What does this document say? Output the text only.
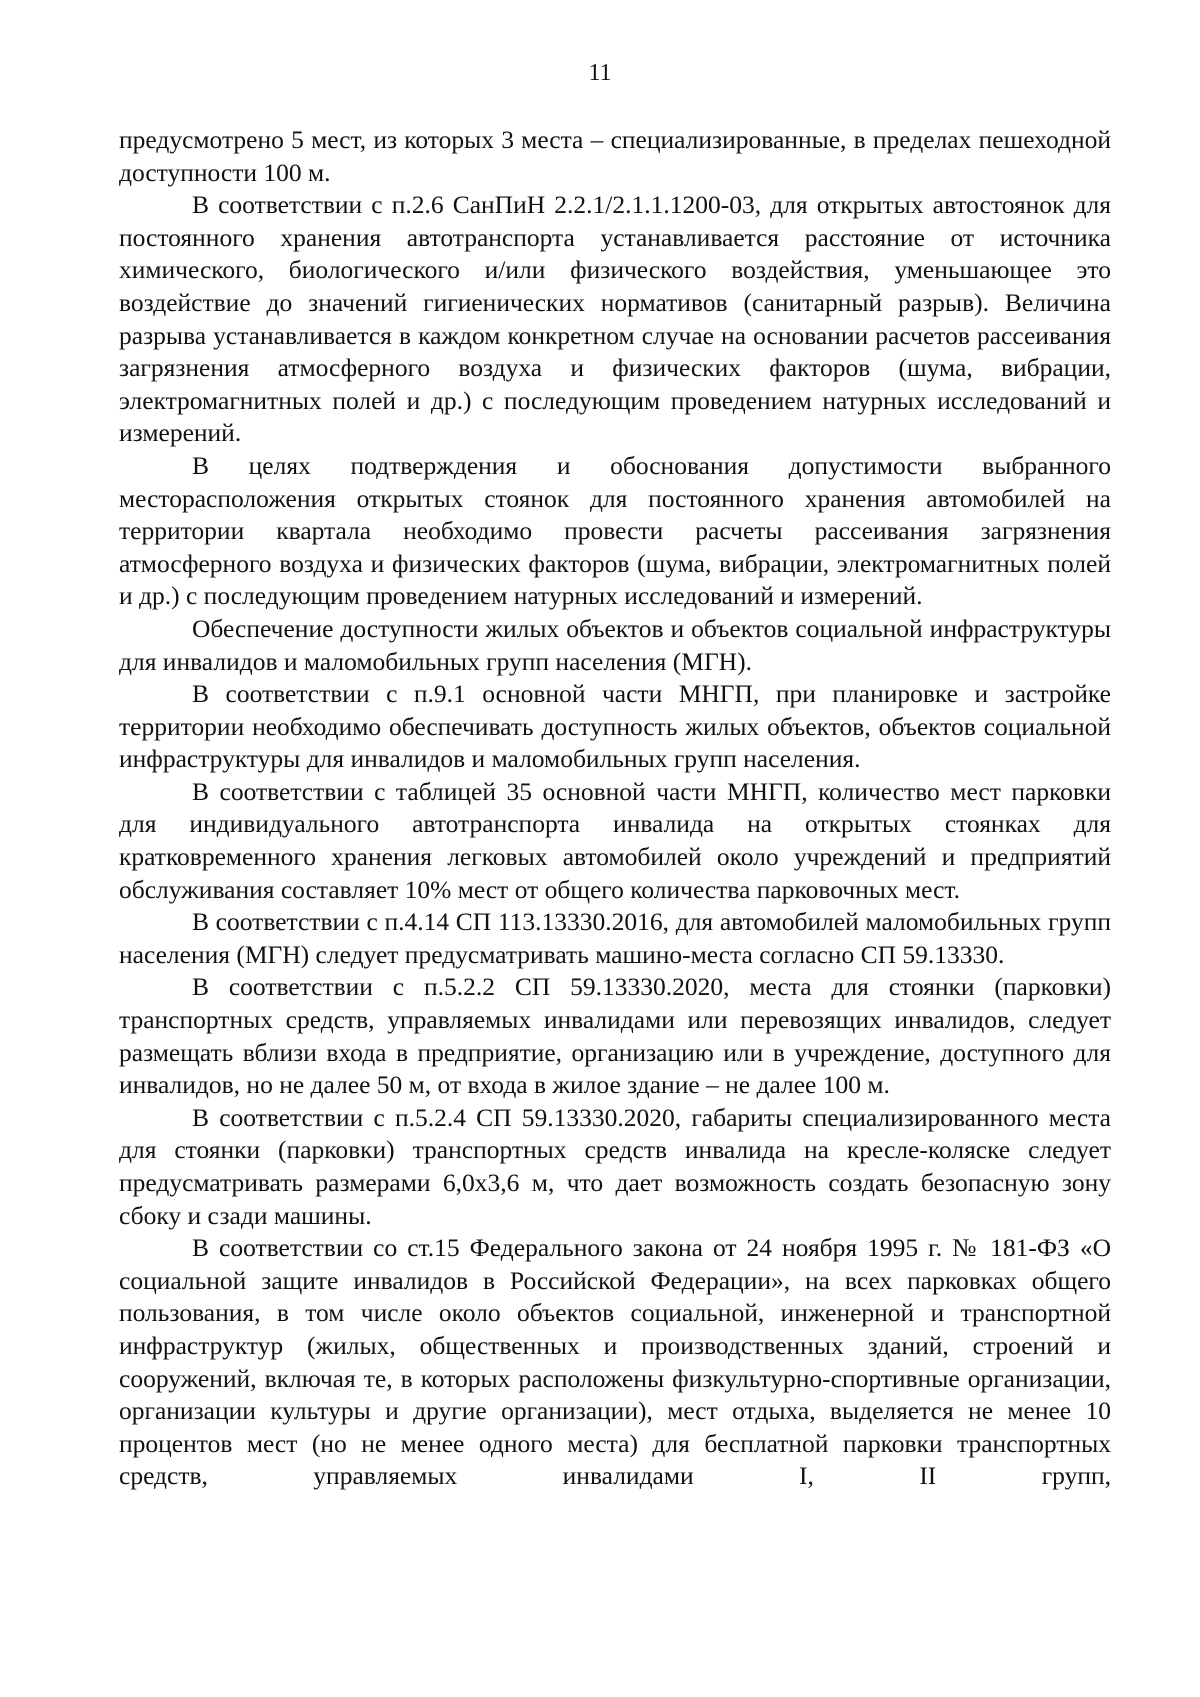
11

предусмотрено 5 мест, из которых 3 места – специализированные, в пределах пешеходной доступности 100 м.

В соответствии с п.2.6 СанПиН 2.2.1/2.1.1.1200-03, для открытых автостоянок для постоянного хранения автотранспорта устанавливается расстояние от источника химического, биологического и/или физического воздействия, уменьшающее это воздействие до значений гигиенических нормативов (санитарный разрыв). Величина разрыва устанавливается в каждом конкретном случае на основании расчетов рассеивания загрязнения атмосферного воздуха и физических факторов (шума, вибрации, электромагнитных полей и др.) с последующим проведением натурных исследований и измерений.

В целях подтверждения и обоснования допустимости выбранного месторасположения открытых стоянок для постоянного хранения автомобилей на территории квартала необходимо провести расчеты рассеивания загрязнения атмосферного воздуха и физических факторов (шума, вибрации, электромагнитных полей и др.) с последующим проведением натурных исследований и измерений.

Обеспечение доступности жилых объектов и объектов социальной инфраструктуры для инвалидов и маломобильных групп населения (МГН).

В соответствии с п.9.1 основной части МНГП, при планировке и застройке территории необходимо обеспечивать доступность жилых объектов, объектов социальной инфраструктуры для инвалидов и маломобильных групп населения.

В соответствии с таблицей 35 основной части МНГП, количество мест парковки для индивидуального автотранспорта инвалида на открытых стоянках для кратковременного хранения легковых автомобилей около учреждений и предприятий обслуживания составляет 10% мест от общего количества парковочных мест.

В соответствии с п.4.14 СП 113.13330.2016, для автомобилей маломобильных групп населения (МГН) следует предусматривать машино-места согласно СП 59.13330.

В соответствии с п.5.2.2 СП 59.13330.2020, места для стоянки (парковки) транспортных средств, управляемых инвалидами или перевозящих инвалидов, следует размещать вблизи входа в предприятие, организацию или в учреждение, доступного для инвалидов, но не далее 50 м, от входа в жилое здание – не далее 100 м.

В соответствии с п.5.2.4 СП 59.13330.2020, габариты специализированного места для стоянки (парковки) транспортных средств инвалида на кресле-коляске следует предусматривать размерами 6,0х3,6 м, что дает возможность создать безопасную зону сбоку и сзади машины.

В соответствии со ст.15 Федерального закона от 24 ноября 1995 г. № 181-ФЗ «О социальной защите инвалидов в Российской Федерации», на всех парковках общего пользования, в том числе около объектов социальной, инженерной и транспортной инфраструктур (жилых, общественных и производственных зданий, строений и сооружений, включая те, в которых расположены физкультурно-спортивные организации, организации культуры и другие организации), мест отдыха, выделяется не менее 10 процентов мест (но не менее одного места) для бесплатной парковки транспортных средств, управляемых инвалидами I, II групп,
